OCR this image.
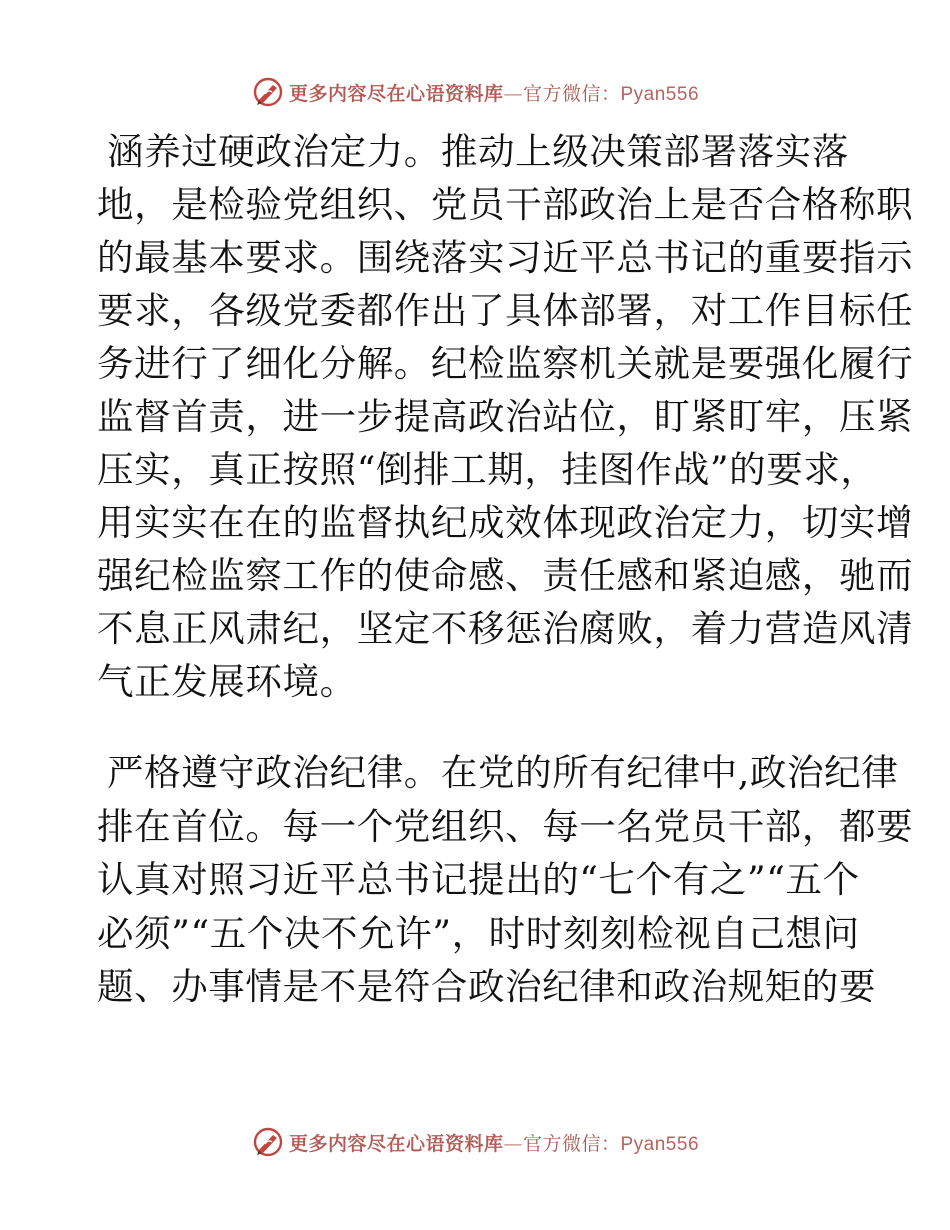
更多内容尽在心语资料库—官方微信：Pyan556
涵养过硬政治定力。推动上级决策部署落实落
地，是检验党组织、党员干部政治上是否合格称职
的最基本要求。围绕落实习近平总书记的重要指示
要求，各级党委都作出了具体部署，对工作目标任
务进行了细化分解。纪检监察机关就是要强化履行
监督首责，进一步提高政治站位，盯紧盯牢，压紧
压实，真正按照“倒排工期，挂图作战”的要求，
用实实在在的监督执纪成效体现政治定力，切实增
强纪检监察工作的使命感、责任感和紧迫感，驰而
不息正风肃纪，坚定不移惩治腐败，着力营造风清
气正发展环境。
严格遵守政治纪律。在党的所有纪律中,政治纪律
排在首位。每一个党组织、每一名党员干部，都要
认真对照习近平总书记提出的“七个有之”“五个
必须”“五个决不允许”，时时刻刻检视自己想问
题、办事情是不是符合政治纪律和政治规矩的要
更多内容尽在心语资料库—官方微信：Pyan556
